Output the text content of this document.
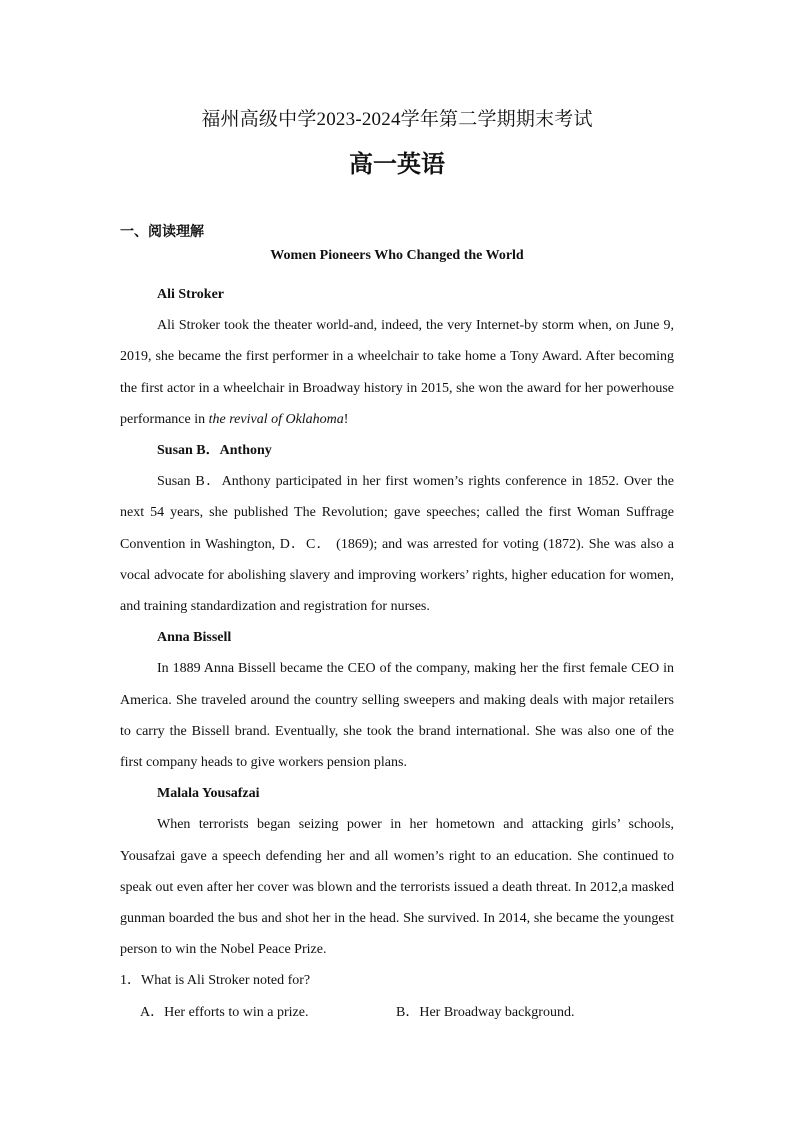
福州高级中学2023-2024学年第二学期期末考试
高一英语
一、阅读理解
Women Pioneers Who Changed the World
Ali Stroker

Ali Stroker took the theater world-and, indeed, the very Internet-by storm when, on June 9, 2019, she became the first performer in a wheelchair to take home a Tony Award. After becoming the first actor in a wheelchair in Broadway history in 2015, she won the award for her powerhouse performance in the revival of Oklahoma!

Susan B．Anthony

Susan B．Anthony participated in her first women’s rights conference in 1852. Over the next 54 years, she published The Revolution; gave speeches; called the first Woman Suffrage Convention in Washington, D．C． (1869); and was arrested for voting (1872). She was also a vocal advocate for abolishing slavery and improving workers’ rights, higher education for women, and training standardization and registration for nurses.

Anna Bissell

In 1889 Anna Bissell became the CEO of the company, making her the first female CEO in America. She traveled around the country selling sweepers and making deals with major retailers to carry the Bissell brand. Eventually, she took the brand international. She was also one of the first company heads to give workers pension plans.

Malala Yousafzai

When terrorists began seizing power in her hometown and attacking girls’ schools, Yousafzai gave a speech defending her and all women’s right to an education. She continued to speak out even after her cover was blown and the terrorists issued a death threat. In 2012,a masked gunman boarded the bus and shot her in the head. She survived. In 2014, she became the youngest person to win the Nobel Peace Prize.

1．What is Ali Stroker noted for?
A．Her efforts to win a prize.	B．Her Broadway background.
